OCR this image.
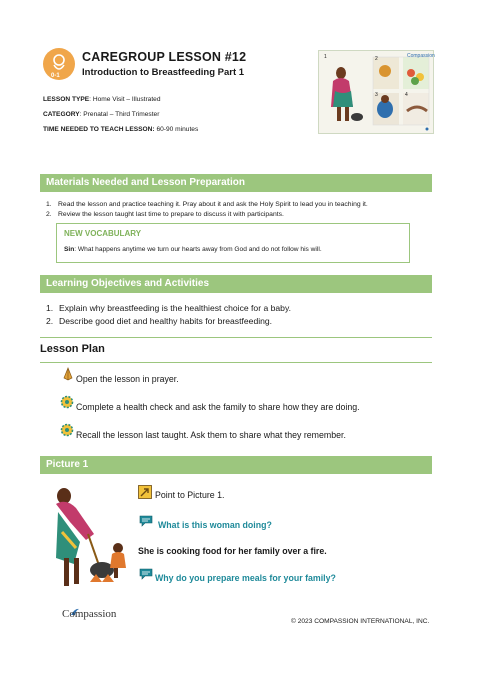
0-1
CAREGROUP LESSON #12
Introduction to Breastfeeding Part 1
LESSON TYPE: Home Visit – Illustrated
CATEGORY: Prenatal – Third Trimester
TIME NEEDED TO TEACH LESSON: 60-90 minutes
1	2
3	4
Compassion
Materials Needed and Lesson Preparation
1. Read the lesson and practice teaching it. Pray about it and ask the Holy Spirit to lead you in teaching it.
2. Review the lesson taught last time to prepare to discuss it with participants.
NEW VOCABULARY
Sin: What happens anytime we turn our hearts away from God and do not follow his will.
Learning Objectives and Activities
1. Explain why breastfeeding is the healthiest choice for a baby.
2. Describe good diet and healthy habits for breastfeeding.
Lesson Plan
Open the lesson in prayer.
Complete a health check and ask the family to share how they are doing.
Recall the lesson last taught. Ask them to share what they remember.
Picture 1
Point to Picture 1.
What is this woman doing?
She is cooking food for her family over a fire.
Why do you prepare meals for your family?
Compassion
© 2023 COMPASSION INTERNATIONAL, INC.
